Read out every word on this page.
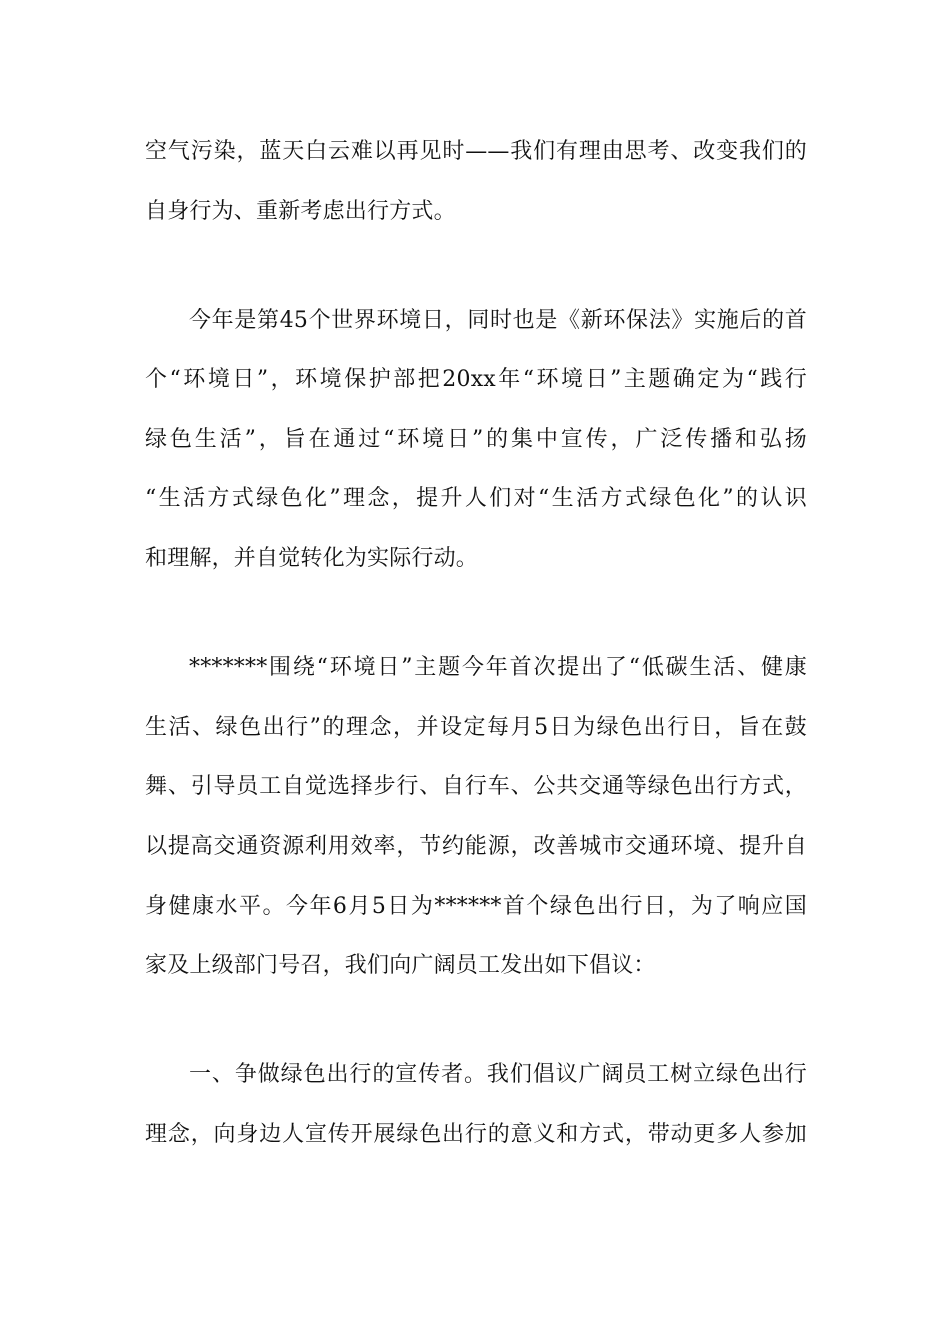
空气污染，蓝天白云难以再见时——我们有理由思考、改变我们的
自身行为、重新考虑出行方式。
今年是第45个世界环境日，同时也是《新环保法》实施后的首
个“环境日”，环境保护部把20xx年“环境日”主题确定为“践行
绿色生活”，旨在通过“环境日”的集中宣传，广泛传播和弘扬
“生活方式绿色化”理念，提升人们对“生活方式绿色化”的认识
和理解，并自觉转化为实际行动。
*******围绕“环境日”主题今年首次提出了“低碳生活、健康
生活、绿色出行”的理念，并设定每月5日为绿色出行日，旨在鼓
舞、引导员工自觉选择步行、自行车、公共交通等绿色出行方式，
以提高交通资源利用效率，节约能源，改善城市交通环境、提升自
身健康水平。今年6月5日为******首个绿色出行日，为了响应国
家及上级部门号召，我们向广阔员工发出如下倡议：
一、争做绿色出行的宣传者。我们倡议广阔员工树立绿色出行
理念，向身边人宣传开展绿色出行的意义和方式，带动更多人参加
